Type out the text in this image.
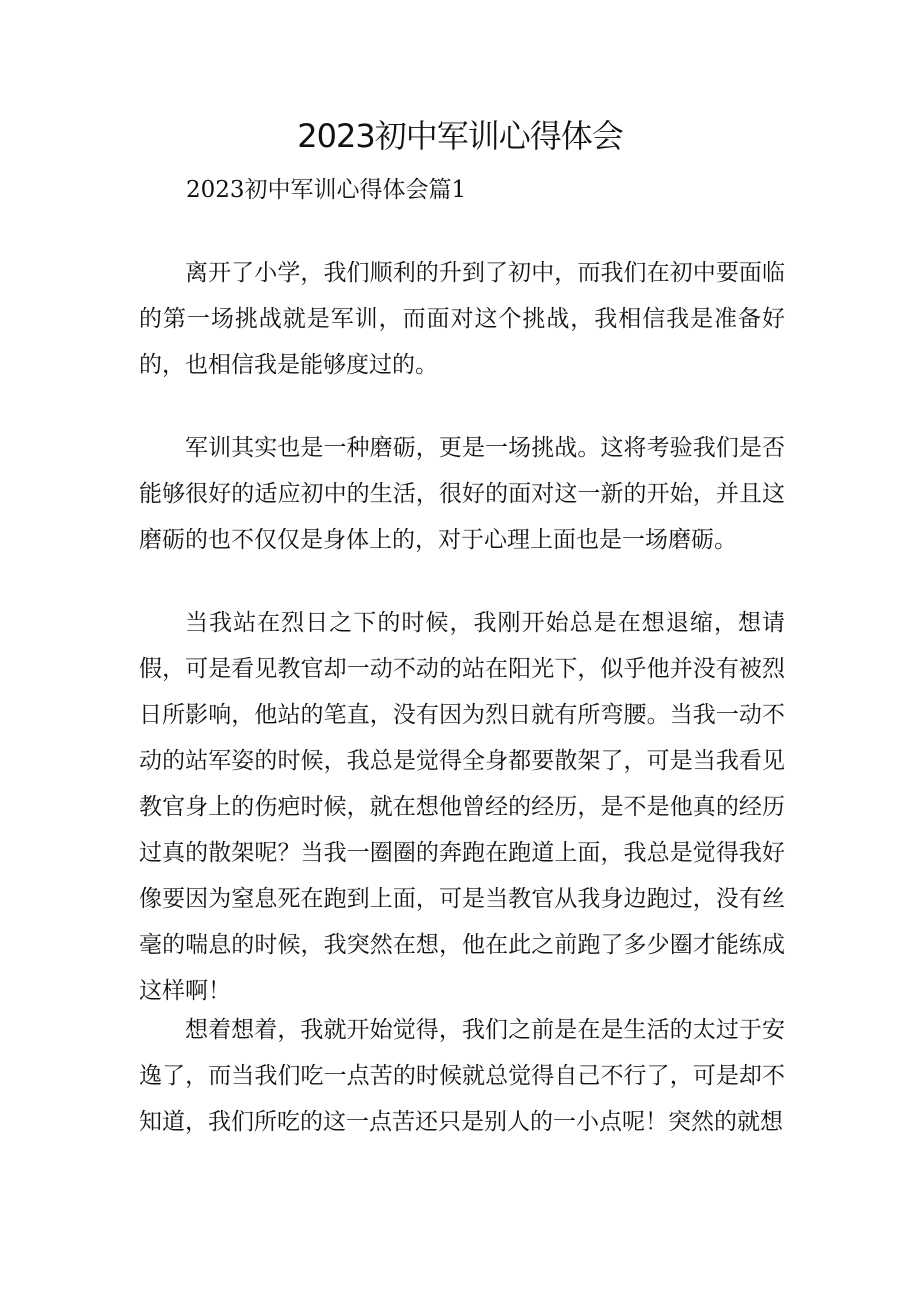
2023初中军训心得体会

2023初中军训心得体会篇1

离开了小学，我们顺利的升到了初中，而我们在初中要面临的第一场挑战就是军训，而面对这个挑战，我相信我是准备好的，也相信我是能够度过的。

军训其实也是一种磨砺，更是一场挑战。这将考验我们是否能够很好的适应初中的生活，很好的面对这一新的开始，并且这磨砺的也不仅仅是身体上的，对于心理上面也是一场磨砺。

当我站在烈日之下的时候，我刚开始总是在想退缩，想请假，可是看见教官却一动不动的站在阳光下，似乎他并没有被烈日所影响，他站的笔直，没有因为烈日就有所弯腰。当我一动不动的站军姿的时候，我总是觉得全身都要散架了，可是当我看见教官身上的伤疤时候，就在想他曾经的经历，是不是他真的经历过真的散架呢？当我一圈圈的奔跑在跑道上面，我总是觉得我好像要因为窒息死在跑到上面，可是当教官从我身边跑过，没有丝毫的喘息的时候，我突然在想，他在此之前跑了多少圈才能练成这样啊！

想着想着，我就开始觉得，我们之前是在是生活的太过于安逸了，而当我们吃一点苦的时候就总觉得自己不行了，可是却不知道，我们所吃的这一点苦还只是别人的一小点呢！突然的就想
